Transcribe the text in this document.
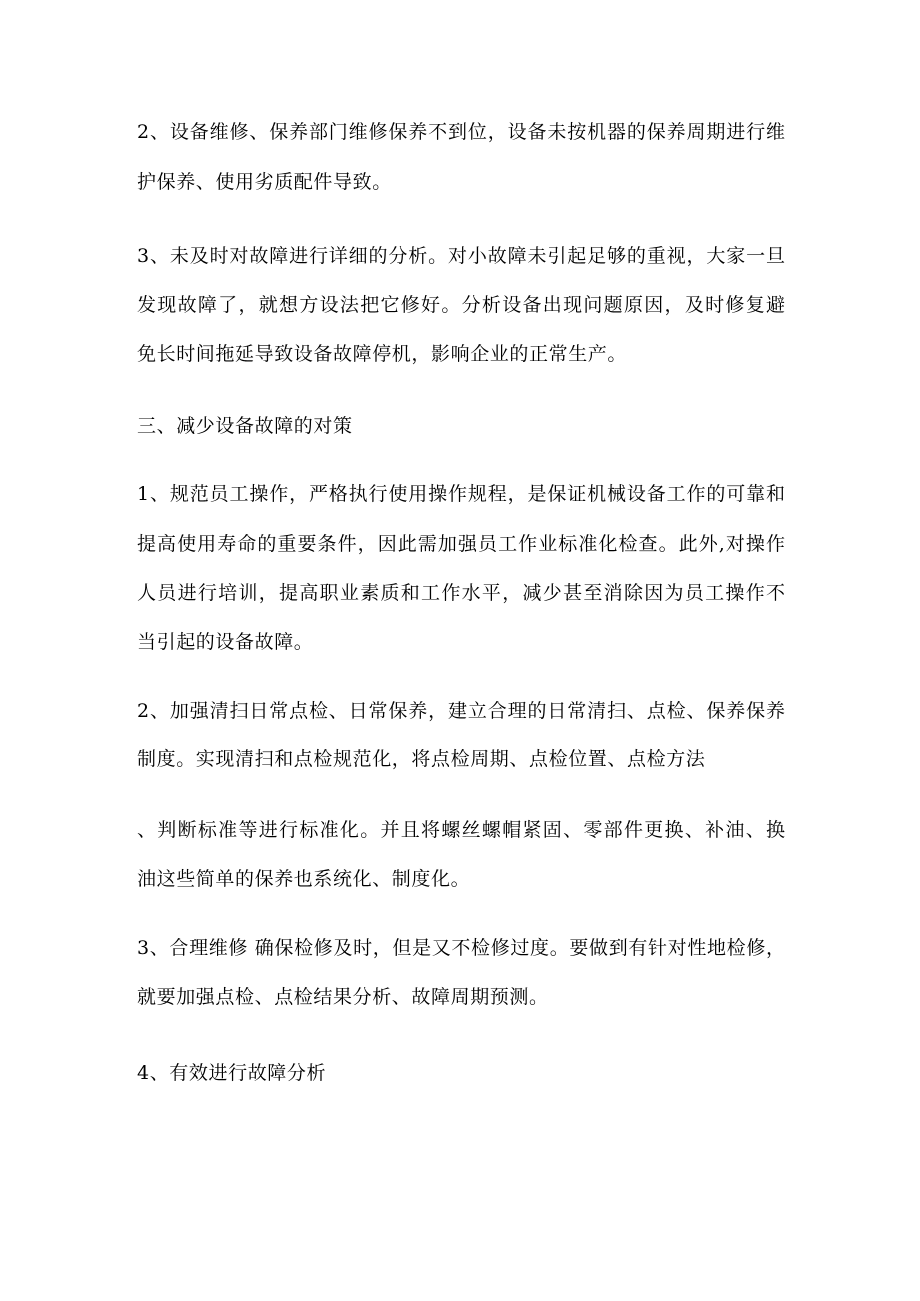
2、设备维修、保养部门维修保养不到位，设备未按机器的保养周期进行维
护保养、使用劣质配件导致。
3、未及时对故障进行详细的分析。对小故障未引起足够的重视，大家一旦
发现故障了，就想方设法把它修好。分析设备出现问题原因，及时修复避
免长时间拖延导致设备故障停机，影响企业的正常生产。
三、减少设备故障的对策
1、规范员工操作，严格执行使用操作规程，是保证机械设备工作的可靠和
提高使用寿命的重要条件，因此需加强员工作业标准化检查。此外,对操作
人员进行培训，提高职业素质和工作水平，减少甚至消除因为员工操作不
当引起的设备故障。
2、加强清扫日常点检、日常保养，建立合理的日常清扫、点检、保养保养
制度。实现清扫和点检规范化，将点检周期、点检位置、点检方法
、判断标准等进行标准化。并且将螺丝螺帽紧固、零部件更换、补油、换
油这些简单的保养也系统化、制度化。
3、合理维修 确保检修及时，但是又不检修过度。要做到有针对性地检修，
就要加强点检、点检结果分析、故障周期预测。
4、有效进行故障分析
